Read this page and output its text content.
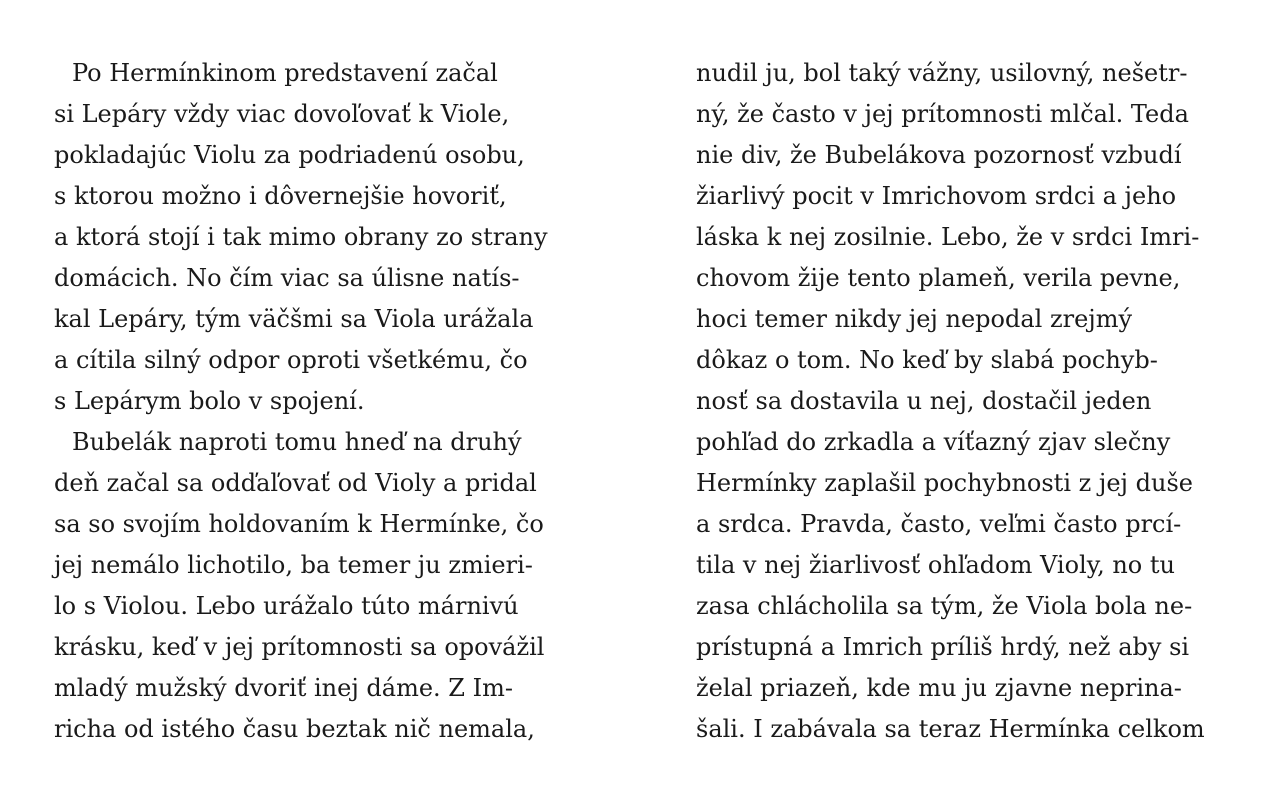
Po Hermínkinom predstavení začal
si Lepáry vždy viac dovoľovať k Viole,
pokladajúc Violu za podriadenú osobu,
s ktorou možno i dôvernejšie hovoriť,
a ktorá stojí i tak mimo obrany zo strany
domácich. No čím viac sa úlisne natís-
kal Lepáry, tým väčšmi sa Viola urážala
a cítila silný odpor oproti všetkému, čo
s Lepárym bolo v spojení.
Bubelák naproti tomu hneď na druhý
deň začal sa odďaľovať od Violy a pridal
sa so svojím holdovaním k Hermínke, čo
jej nemálo lichotilo, ba temer ju zmieri-
lo s Violou. Lebo urážalo túto márnivú
krásku, keď v jej prítomnosti sa opovážil
mladý mužský dvoriť inej dáme. Z Im-
richa od istého času beztak nič nemala,
nudil ju, bol taký vážny, usilovný, nešetr-
ný, že často v jej prítomnosti mlčal. Teda
nie div, že Bubelákova pozornosť vzbudí
žiarlivý pocit v Imrichovom srdci a jeho
láska k nej zosilnie. Lebo, že v srdci Imri-
chovom žije tento plameň, verila pevne,
hoci temer nikdy jej nepodal zrejmý
dôkaz o tom. No keď by slabá pochyb-
nosť sa dostavila u nej, dostačil jeden
pohľad do zrkadla a víťazný zjav slečny
Hermínky zaplašil pochybnosti z jej duše
a srdca. Pravda, často, veľmi často prcí-
tila v nej žiarlivosť ohľadom Violy, no tu
zasa chlácholila sa tým, že Viola bola ne-
prístupná a Imrich príliš hrdý, než aby si
želal priazeň, kde mu ju zjavne neprina-
šali. I zabávala sa teraz Hermínka celkom
